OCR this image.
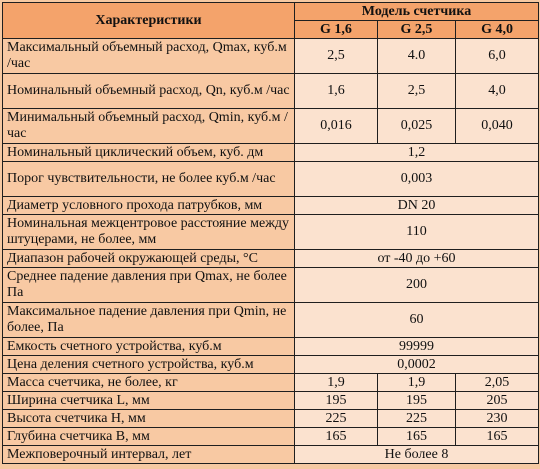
Характеристики	Модель счетчика		
	G 1,6	G 2,5	G 4,0
Максимальный объемный расход, Qmax, куб.м /час	2,5	4.0	6,0
Номинальный объемный расход, Qn, куб.м /час	1,6	2,5	4,0
Минимальный объемный расход, Qmin, куб.м /час	0,016	0,025	0,040
Номинальный циклический объем, куб. дм	1,2		
Порог чувствительности, не более куб.м /час	0,003		
Диаметр условного прохода патрубков, мм	DN 20		
Номинальная межцентровое расстояние между штуцерами, не более, мм	110		
Диапазон рабочей окружающей среды, °С	от -40 до +60		
Среднее падение давления при Qmax, не более Па	200		
Максимальное падение давления при Qmin, не более, Па	60		
Емкость счетного устройства, куб.м	99999		
Цена деления счетного устройства, куб.м	0,0002		
Масса счетчика, не более, кг	1,9	1,9	2,05
Ширина счетчика L, мм	195	195	205
Высота счетчика H, мм	225	225	230
Глубина счетчика B, мм	165	165	165
Межповерочный интервал, лет	Не более 8		
